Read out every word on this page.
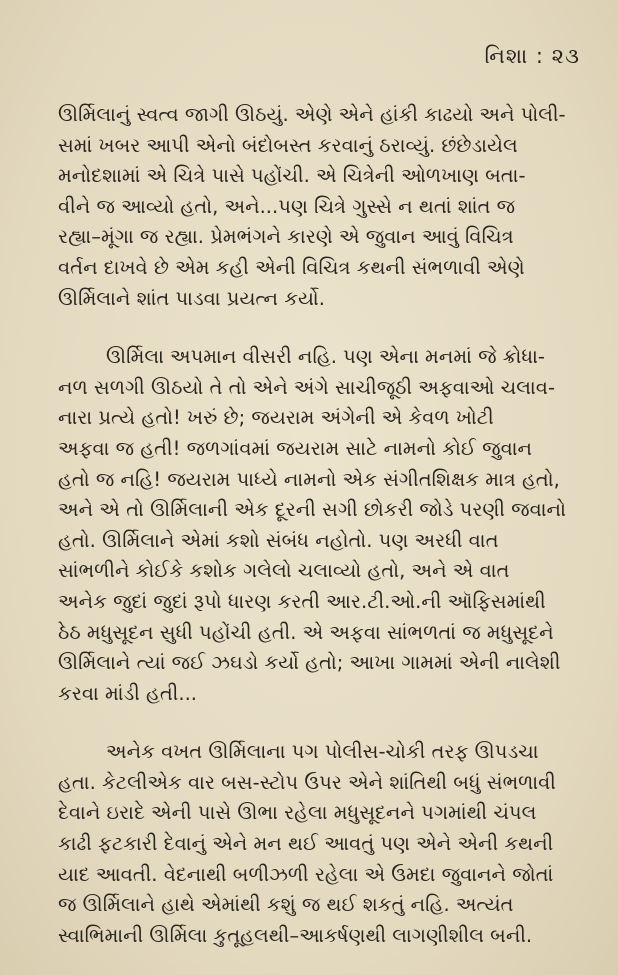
નિશા : ૨૩
ઊર્મિલાનું સ્વત્વ જાગી ઊઠયું. એણે એને હાંકી કાઢયો અને પોલી-
સમાં ખબર આપી એનો બંદોબસ્ત કરવાનું ઠરાવ્યું. છંછેડાયેલ
મનોદશામાં એ ચિત્રે પાસે પહોંચી. એ ચિત્રેની ઓળખાણ બતા-
વીને જ આવ્યો હતો, અને...પણ ચિત્રે ગુસ્સે ન થતાં શાંત જ
રહ્યા–મૂંગા જ રહ્યા. પ્રેમભંગને કારણે એ જુવાન આવું વિચિત્ર
વર્તન દાખવે છે એમ કહી એની વિચિત્ર કથની સંભળાવી એણે
ઊર્મિલાને શાંત પાડવા પ્રયત્ન કર્યો.
ઊર્મિલા અપમાન વીસરી નહિ. પણ એના મનમાં જે ક્રોધા-
નળ સળગી ઊઠયો તે તો એને અંગે સાચીજૂઠી અફવાઓ ચલાવ-
નારા પ્રત્યે હતો! ખરું છે; જયરામ અંગેની એ કેવળ ખોટી
અફવા જ હતી! જળગાંવમાં જયરામ સાટે નામનો કોઈ જુવાન
હતો જ નહિ! જયરામ પાધ્યે નામનો એક સંગીતશિક્ષક માત્ર હતો,
અને એ તો ઊર્મિલાની એક દૂરની સગી છોકરી જોડે પરણી જવાનો
હતો. ઊર્મિલાને એમાં કશો સંબંધ નહોતો. પણ અરધી વાત
સાંભળીને કોઈકે કશોક ગલેલો ચલાવ્યો હતો, અને એ વાત
અનેક જુદાં જુદાં રૂપો ધારણ કરતી આર.ટી.ઓ.ની ઑફિસમાંથી
ઠેઠ મધુસૂદન સુધી પહોંચી હતી. એ અફવા સાંભળતાં જ મધુસૂદને
ઊર્મિલાને ત્યાં જઈ ઝઘડો કર્યો હતો; આખા ગામમાં એની નાલેશી
કરવા માંડી હતી...
અનેક વખત ઊર્મિલાના પગ પોલીસ-ચોકી તરફ ઊપડચા
હતા. કેટલીએક વાર બસ-સ્ટોપ ઉપર એને શાંતિથી બધું સંભળાવી
દેવાને ઇરાદે એની પાસે ઊભા રહેલા મધુસૂદનને પગમાંથી ચંપલ
કાઢી ફટકારી દેવાનું એને મન થઈ આવતું પણ એને એની કથની
યાદ આવતી. વેદનાથી બળીઝળી રહેલા એ ઉમદા જુવાનને જોતાં
જ ઊર્મિલાને હાથે એમાંથી કશું જ થઈ શકતું નહિ. અત્યંત
સ્વાભિમાની ઊર્મિલા કુતૂહલથી–આકર્ષણથી લાગણીશીલ બની.
